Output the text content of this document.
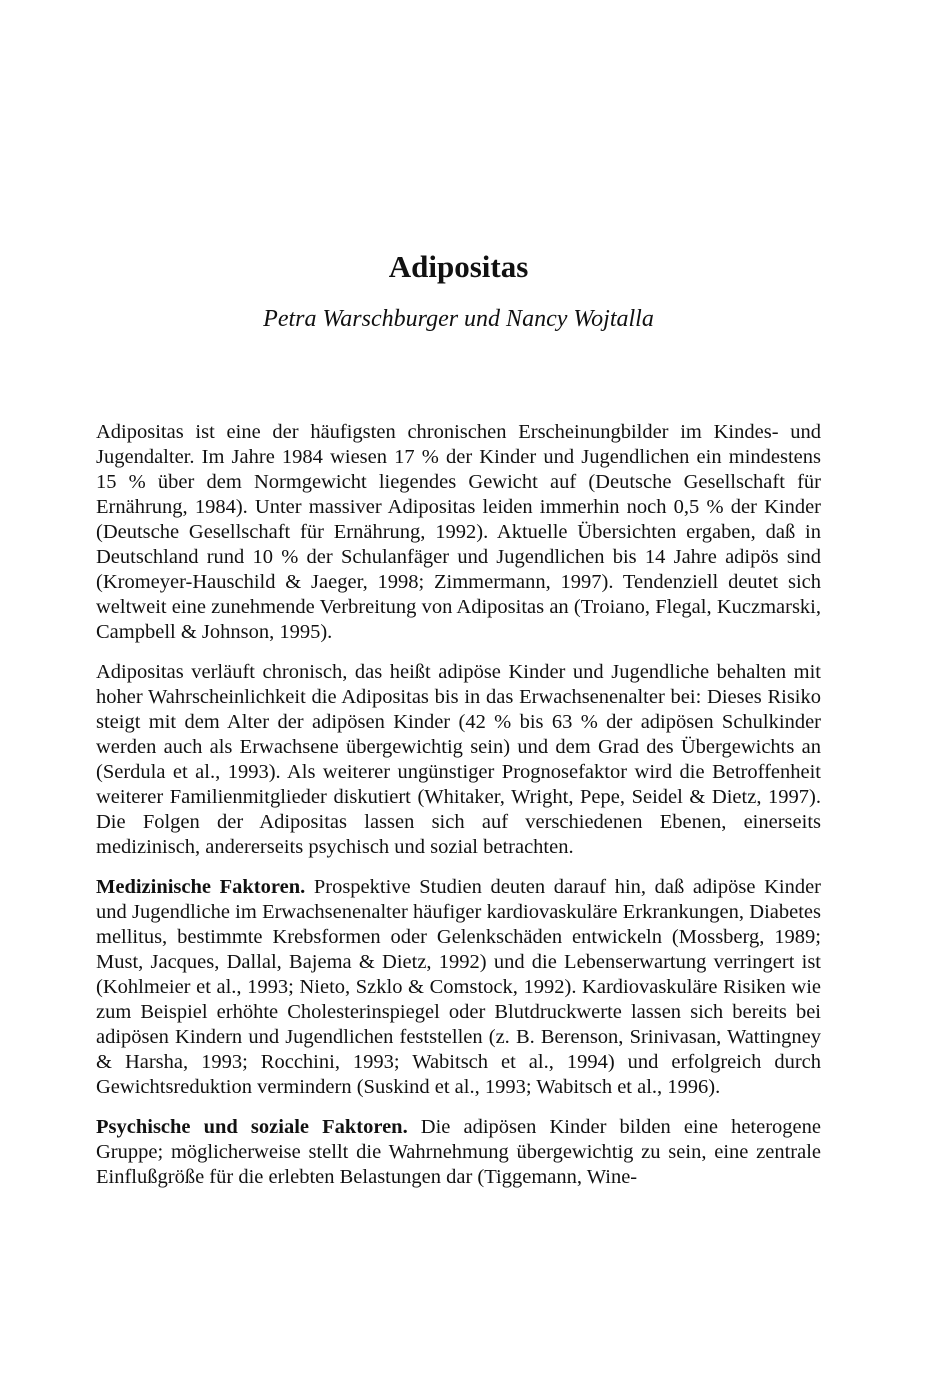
Adipositas
Petra Warschburger und Nancy Wojtalla

Adipositas ist eine der häufigsten chronischen Erscheinungbilder im Kindes- und Jugendalter. Im Jahre 1984 wiesen 17 % der Kinder und Jugendlichen ein mindestens 15 % über dem Normgewicht liegendes Gewicht auf (Deutsche Gesellschaft für Ernährung, 1984). Unter massiver Adipositas leiden immerhin noch 0,5 % der Kinder (Deutsche Gesellschaft für Ernährung, 1992). Aktuelle Übersichten ergaben, daß in Deutschland rund 10 % der Schulanfäger und Jugendlichen bis 14 Jahre adipös sind (Kromeyer-Hauschild & Jaeger, 1998; Zimmermann, 1997). Tendenziell deutet sich weltweit eine zunehmende Verbreitung von Adipositas an (Troiano, Flegal, Kuczmarski, Campbell & Johnson, 1995).

Adipositas verläuft chronisch, das heißt adipöse Kinder und Jugendliche behalten mit hoher Wahrscheinlichkeit die Adipositas bis in das Erwachsenenalter bei: Dieses Risiko steigt mit dem Alter der adipösen Kinder (42 % bis 63 % der adipösen Schulkinder werden auch als Erwachsene übergewichtig sein) und dem Grad des Übergewichts an (Serdula et al., 1993). Als weiterer ungünstiger Prognosefaktor wird die Betroffenheit weiterer Familienmitglieder diskutiert (Whitaker, Wright, Pepe, Seidel & Dietz, 1997). Die Folgen der Adipositas lassen sich auf verschiedenen Ebenen, einerseits medizinisch, andererseits psychisch und sozial betrachten.

Medizinische Faktoren. Prospektive Studien deuten darauf hin, daß adipöse Kinder und Jugendliche im Erwachsenenalter häufiger kardiovaskuläre Erkrankungen, Diabetes mellitus, bestimmte Krebsformen oder Gelenkschäden entwickeln (Mossberg, 1989; Must, Jacques, Dallal, Bajema & Dietz, 1992) und die Lebenserwartung verringert ist (Kohlmeier et al., 1993; Nieto, Szklo & Comstock, 1992). Kardiovaskuläre Risiken wie zum Beispiel erhöhte Cholesterinspiegel oder Blutdruckwerte lassen sich bereits bei adipösen Kindern und Jugendlichen feststellen (z. B. Berenson, Srinivasan, Wattingney & Harsha, 1993; Rocchini, 1993; Wabitsch et al., 1994) und erfolgreich durch Gewichtsreduktion vermindern (Suskind et al., 1993; Wabitsch et al., 1996).

Psychische und soziale Faktoren. Die adipösen Kinder bilden eine heterogene Gruppe; möglicherweise stellt die Wahrnehmung übergewichtig zu sein, eine zentrale Einflußgröße für die erlebten Belastungen dar (Tiggemann, Wine-
